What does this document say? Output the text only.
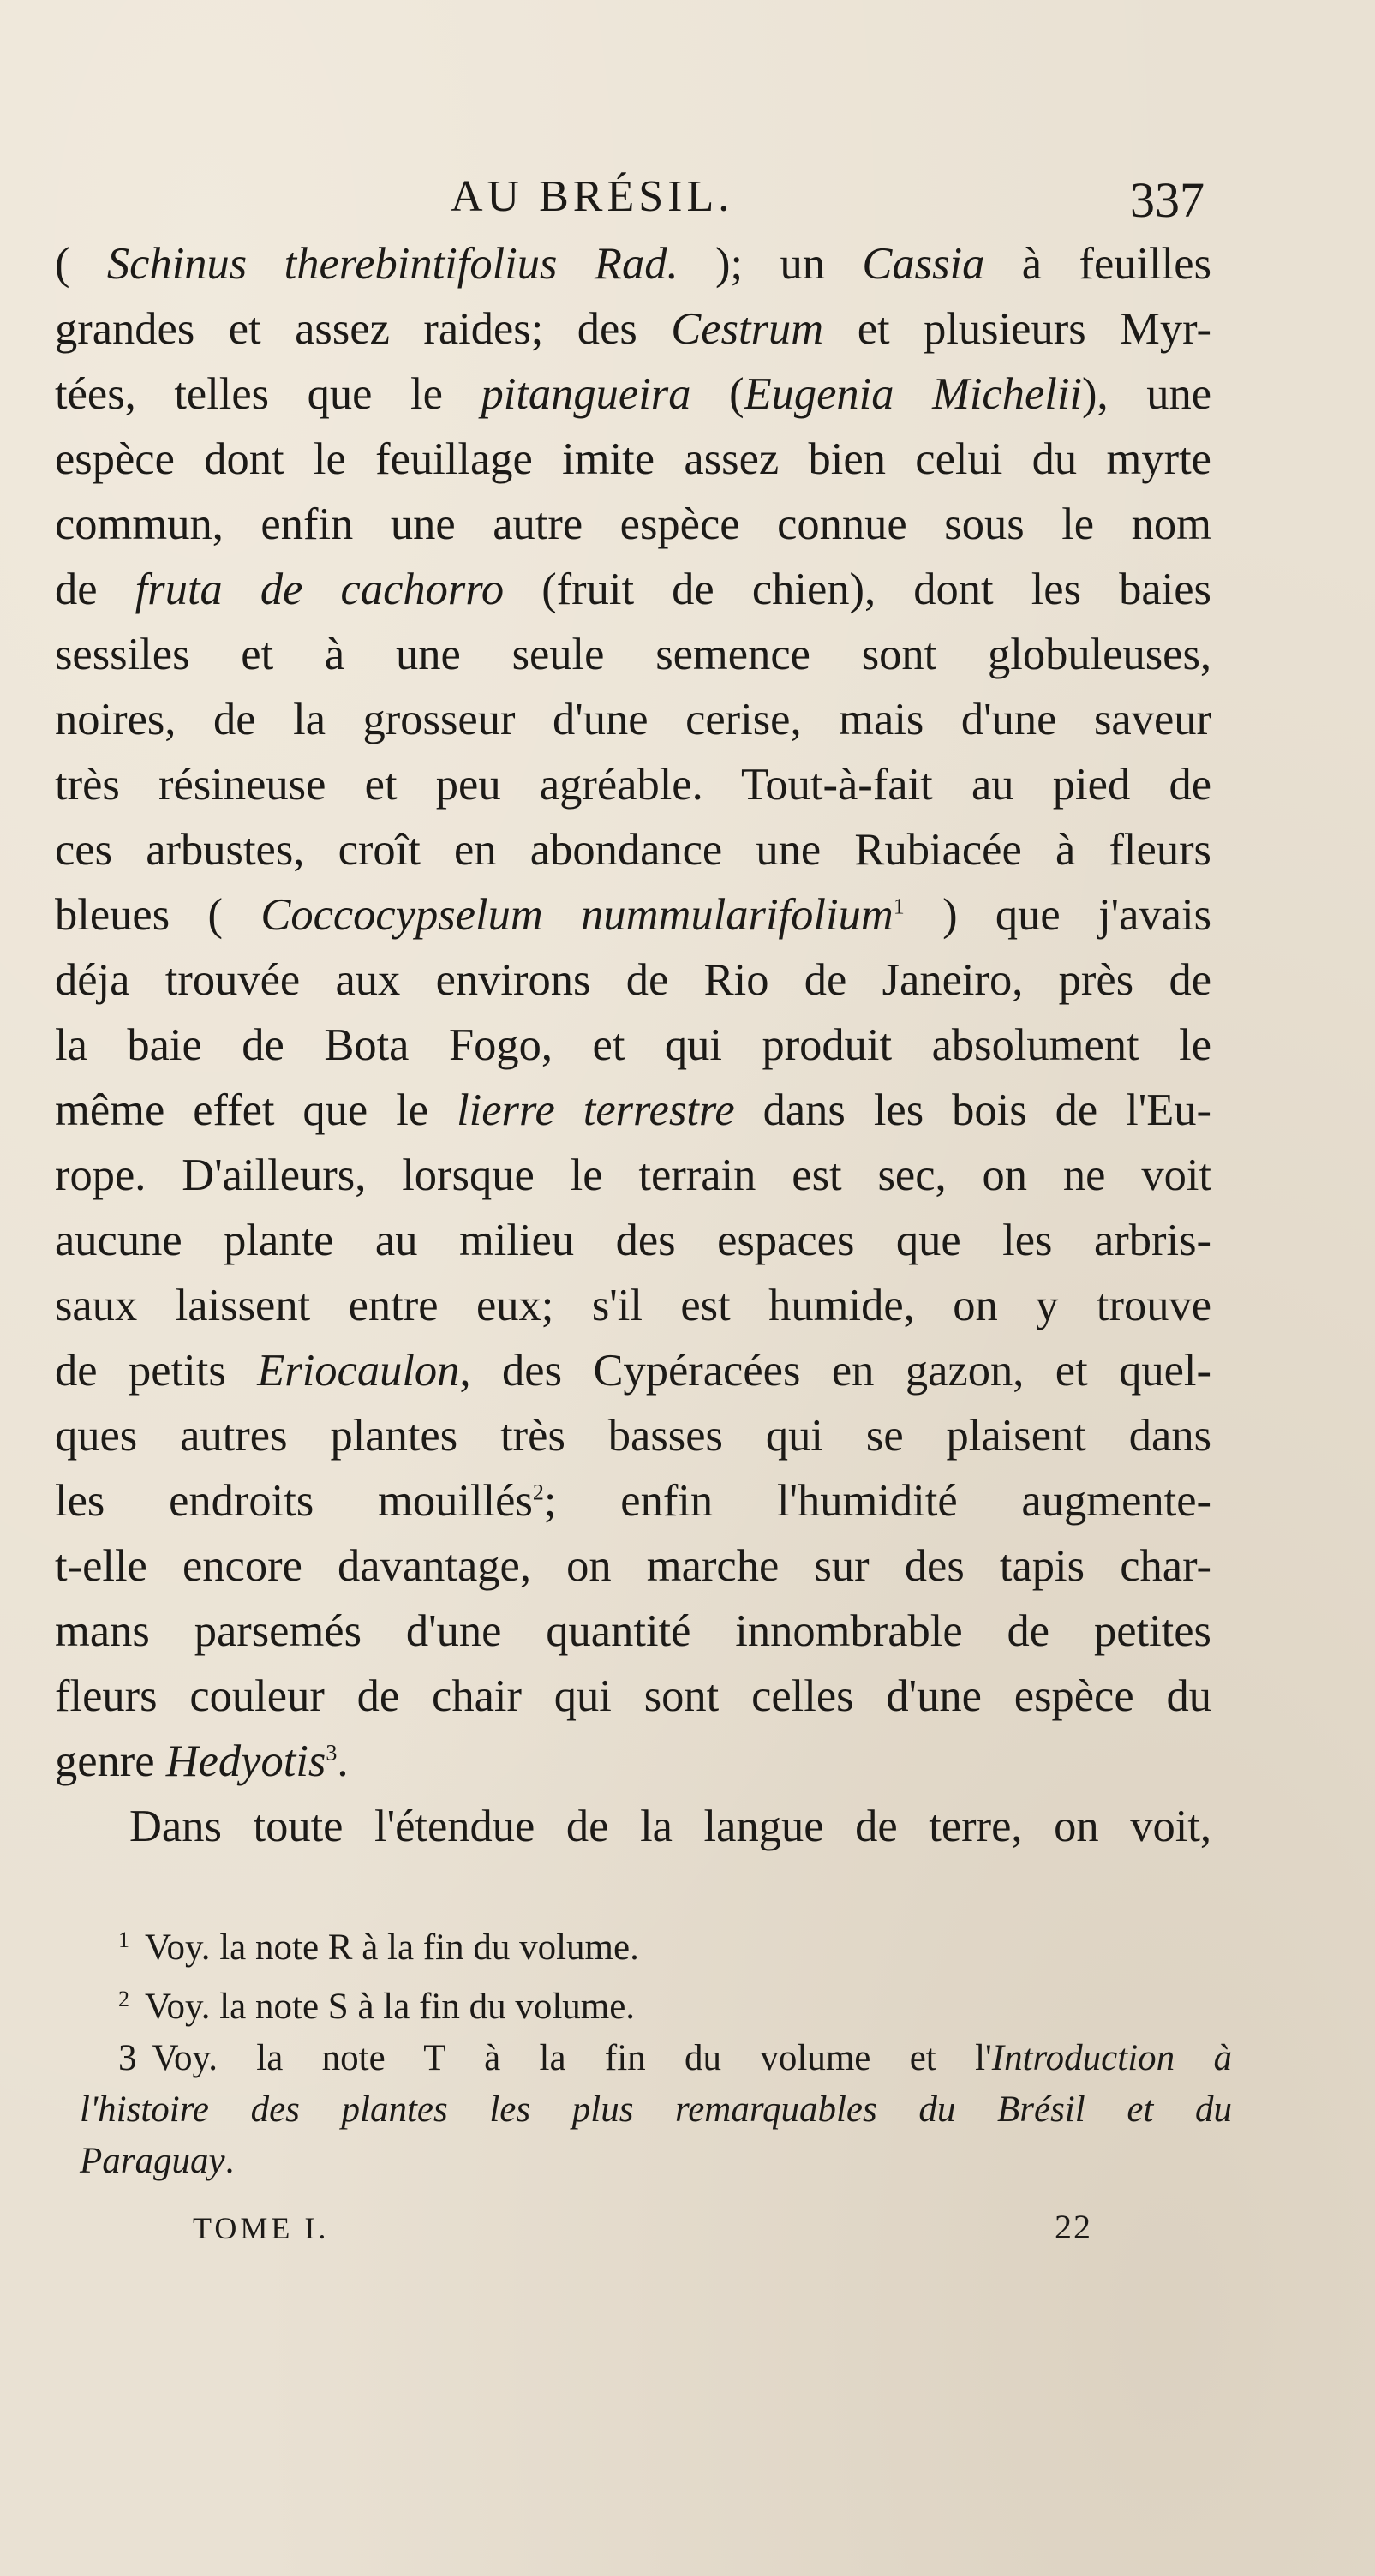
AU BRÉSIL.	337
( Schinus therebintifolius Rad. ); un Cassia à feuilles
grandes et assez raides; des Cestrum et plusieurs Myr-
tées, telles que le pitangueira (Eugenia Michelii), une
espèce dont le feuillage imite assez bien celui du myrte
commun, enfin une autre espèce connue sous le nom
de fruta de cachorro (fruit de chien), dont les baies
sessiles et à une seule semence sont globuleuses,
noires, de la grosseur d'une cerise, mais d'une saveur
très résineuse et peu agréable. Tout-à-fait au pied de
ces arbustes, croît en abondance une Rubiacée à fleurs
bleues ( Coccocypselum nummularifolium$^1$ ) que j'avais
déja trouvée aux environs de Rio de Janeiro, près de
la baie de Bota Fogo, et qui produit absolument le
même effet que le lierre terrestre dans les bois de l'Eu-
rope. D'ailleurs, lorsque le terrain est sec, on ne voit
aucune plante au milieu des espaces que les arbris-
saux laissent entre eux; s'il est humide, on y trouve
de petits Eriocaulon, des Cypéracées en gazon, et quel-
ques autres plantes très basses qui se plaisent dans
les endroits mouillés$^2$; enfin l'humidité augmente-
t-elle encore davantage, on marche sur des tapis char-
mans parsemés d'une quantité innombrable de petites
fleurs couleur de chair qui sont celles d'une espèce du
genre Hedyotis$^3$.
Dans toute l'étendue de la langue de terre, on voit,
$^1$ Voy. la note R à la fin du volume.
$^2$ Voy. la note S à la fin du volume.
3 Voy. la note T à la fin du volume et l'Introduction à
l'histoire des plantes les plus remarquables du Brésil et du
Paraguay.
TOME I.	22
